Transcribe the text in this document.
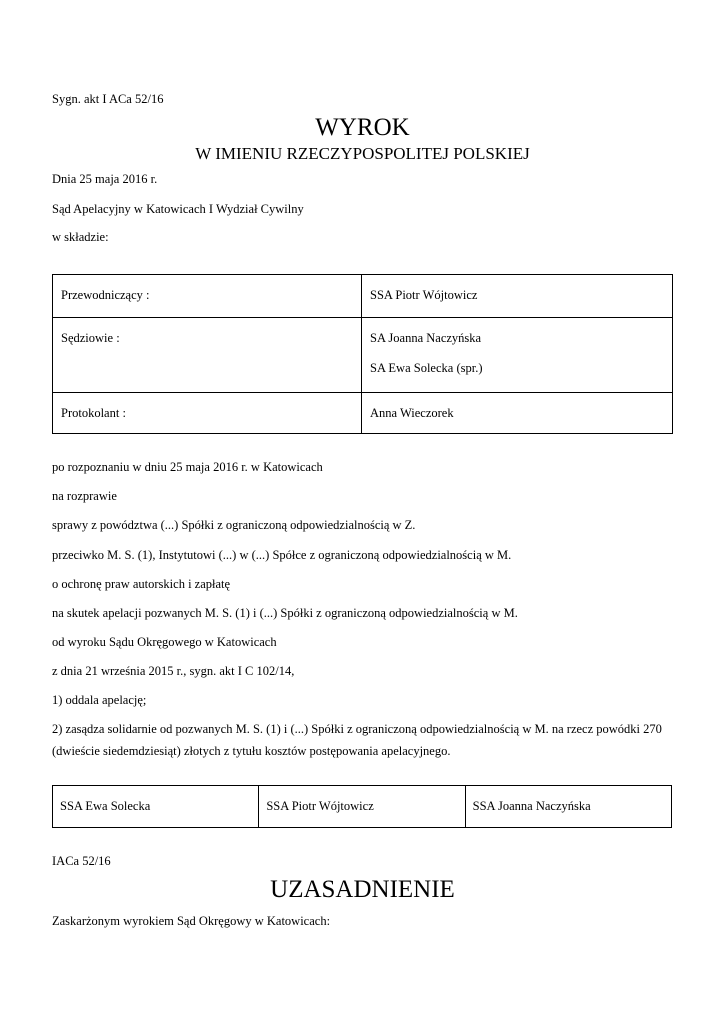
Sygn. akt I ACa 52/16
WYROK
W IMIENIU RZECZYPOSPOLITEJ POLSKIEJ
Dnia 25 maja 2016 r.
Sąd Apelacyjny w Katowicach I Wydział Cywilny
w składzie:
Przewodniczący :	SSA Piotr Wójtowicz
Sędziowie :	SA Joanna Naczyńska
SA Ewa Solecka (spr.)

Protokolant :	Anna Wieczorek
po rozpoznaniu w dniu 25 maja 2016 r. w Katowicach
na rozprawie
sprawy z powództwa (...) Spółki z ograniczoną odpowiedzialnością w Z.
przeciwko M. S. (1), Instytutowi (...) w (...) Spółce z ograniczoną odpowiedzialnością w M.
o ochronę praw autorskich i zapłatę
na skutek apelacji pozwanych M. S. (1) i (...) Spółki z ograniczoną odpowiedzialnością w M.
od wyroku Sądu Okręgowego w Katowicach
z dnia 21 września 2015 r., sygn. akt I C 102/14,
1) oddala apelację;
2) zasądza solidarnie od pozwanych M. S. (1) i (...) Spółki z ograniczoną odpowiedzialnością w M. na rzecz powódki 270 (dwieście siedemdziesiąt) złotych z tytułu kosztów postępowania apelacyjnego.
SSA Ewa Solecka	SSA Piotr Wójtowicz	SSA Joanna Naczyńska
IACa 52/16
UZASADNIENIE
Zaskarżonym wyrokiem Sąd Okręgowy w Katowicach:
